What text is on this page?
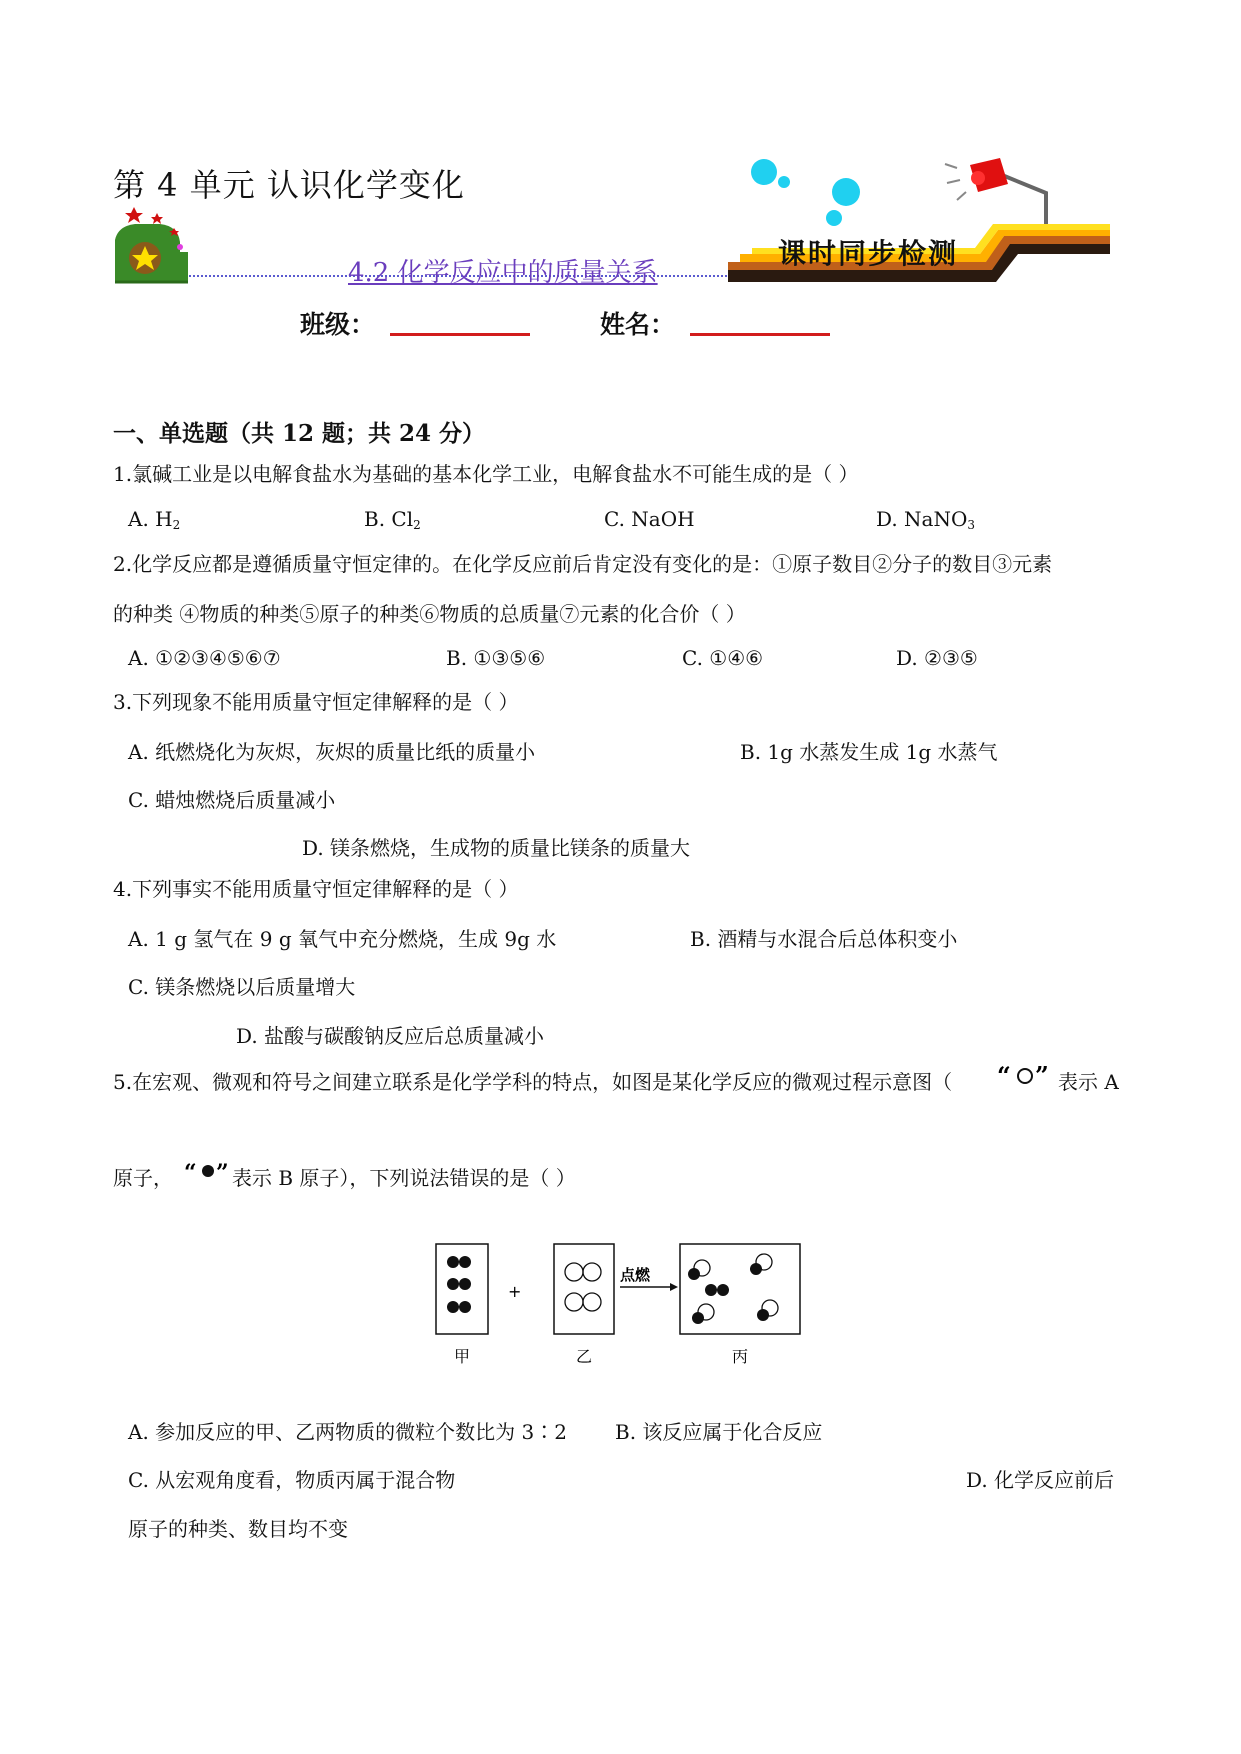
第 4 单元 认识化学变化
4.2 化学反应中的质量关系
课时同步检测
班级：	姓名：
一、单选题（共 12 题；共 24 分）
1.氯碱工业是以电解食盐水为基础的基本化学工业，电解食盐水不可能生成的是（ ）
A. $H_2$	B. $Cl_2$	C. NaOH	D. NaNO$_3$
2.化学反应都是遵循质量守恒定律的。在化学反应前后肯定没有变化的是：①原子数目②分子的数目③元素
的种类 ④物质的种类⑤原子的种类⑥物质的总质量⑦元素的化合价（ ）
A. ①②③④⑤⑥⑦	B. ①③⑤⑥	C. ①④⑥	D. ②③⑤
3.下列现象不能用质量守恒定律解释的是（ ）
A. 纸燃烧化为灰烬，灰烬的质量比纸的质量小	B. 1g 水蒸发生成 1g 水蒸气
C. 蜡烛燃烧后质量减小
D. 镁条燃烧，生成物的质量比镁条的质量大
4.下列事实不能用质量守恒定律解释的是（ ）
A. 1 g 氢气在 9 g 氧气中充分燃烧，生成 9g 水	B. 酒精与水混合后总体积变小
C. 镁条燃烧以后质量增大
D. 盐酸与碳酸钠反应后总质量减小
5.在宏观、微观和符号之间建立联系是化学学科的特点，如图是某化学反应的微观过程示意图（ “ ” 表示 A
原子， “ ” 表示 B 原子），下列说法错误的是（ ）
+
点燃
甲	乙	丙
A. 参加反应的甲、乙两物质的微粒个数比为 3∶2 B. 该反应属于化合反应
C. 从宏观角度看，物质丙属于混合物	D. 化学反应前后
原子的种类、数目均不变
